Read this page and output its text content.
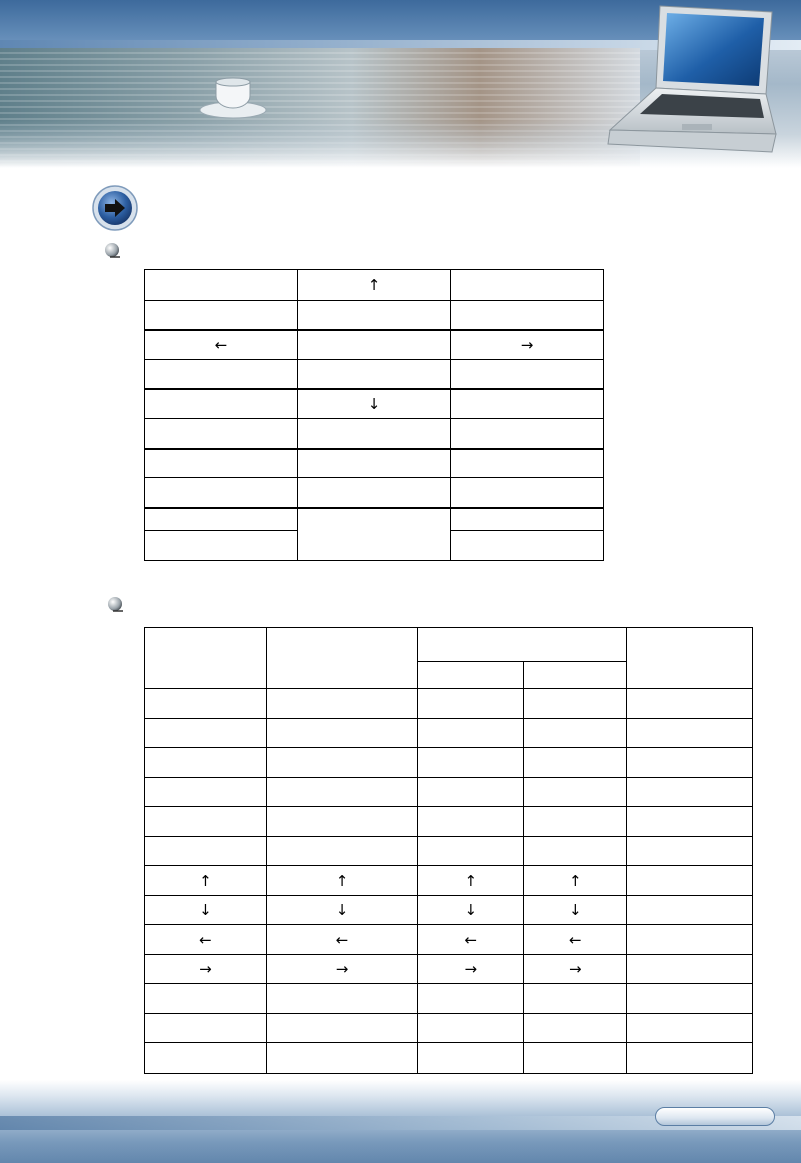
	↑	

←		→

	↓	

↑	↑	↑	↑	
↓	↓	↓	↓	
←	←	←	←	
→	→	→	→	
